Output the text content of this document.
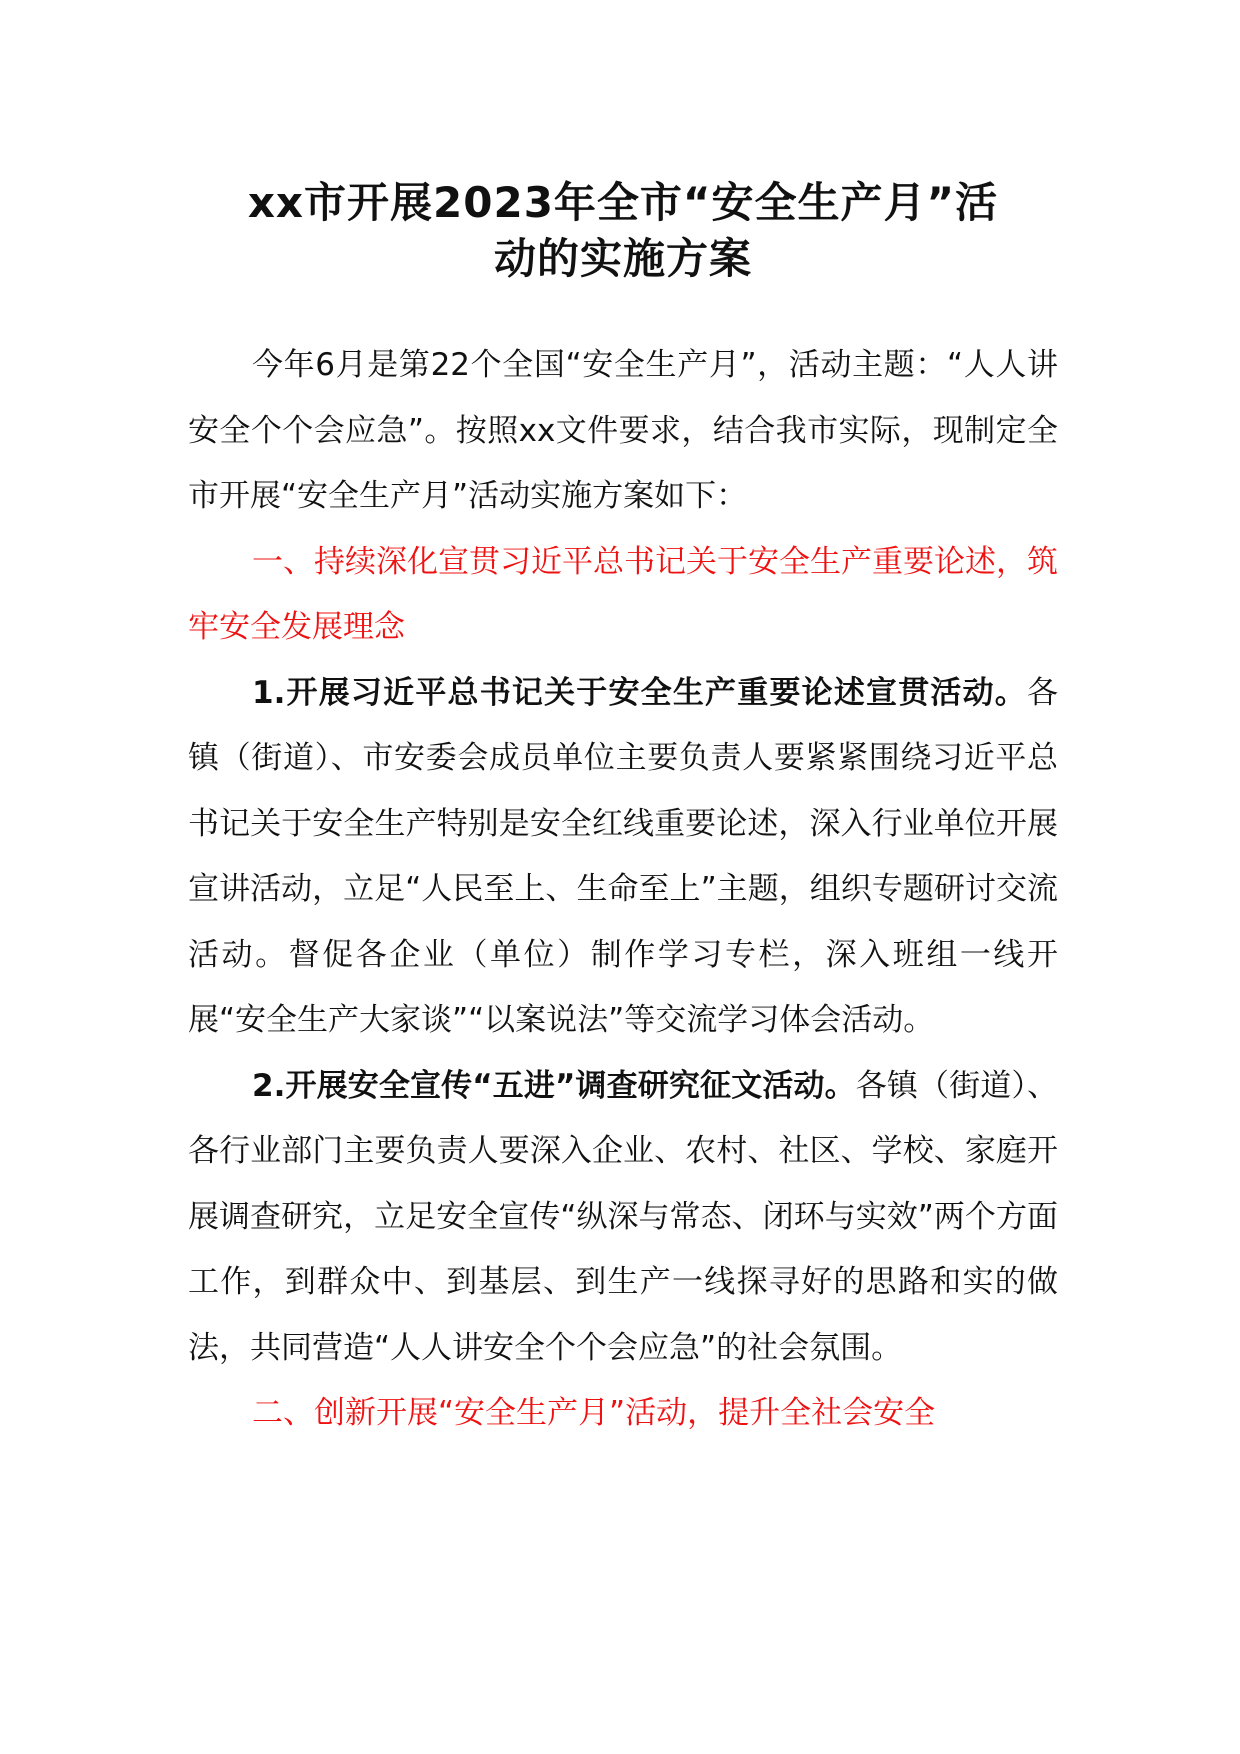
xx市开展2023年全市“安全生产月”活
动的实施方案

今年6月是第22个全国“安全生产月”，活动主题：“人人讲安全个个会应急”。按照xx文件要求，结合我市实际，现制定全市开展“安全生产月”活动实施方案如下：

一、持续深化宣贯习近平总书记关于安全生产重要论述，筑牢安全发展理念

1.开展习近平总书记关于安全生产重要论述宣贯活动。各镇（街道）、市安委会成员单位主要负责人要紧紧围绕习近平总书记关于安全生产特别是安全红线重要论述，深入行业单位开展宣讲活动，立足“人民至上、生命至上”主题，组织专题研讨交流活动。督促各企业（单位）制作学习专栏，深入班组一线开展“安全生产大家谈”“以案说法”等交流学习体会活动。

2.开展安全宣传“五进”调查研究征文活动。各镇（街道）、各行业部门主要负责人要深入企业、农村、社区、学校、家庭开展调查研究，立足安全宣传“纵深与常态、闭环与实效”两个方面工作，到群众中、到基层、到生产一线探寻好的思路和实的做法，共同营造“人人讲安全个个会应急”的社会氛围。

二、创新开展“安全生产月”活动，提升全社会安全
